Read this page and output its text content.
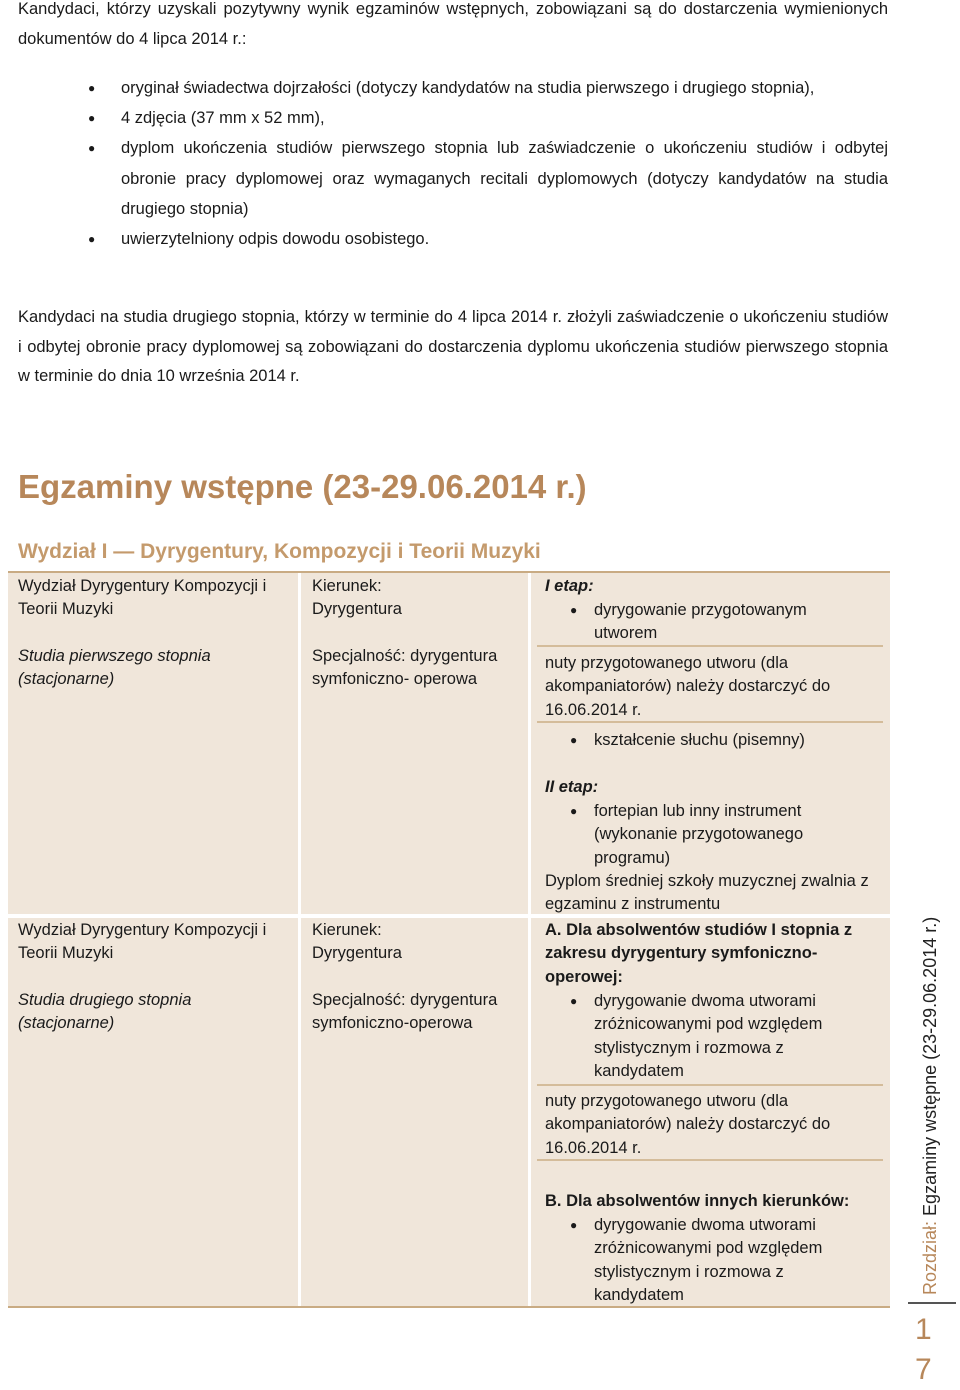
Kandydaci, którzy uzyskali pozytywny wynik egzaminów wstępnych, zobowiązani są do dostarczenia wymienionych dokumentów do 4 lipca 2014 r.:

● oryginał świadectwa dojrzałości (dotyczy kandydatów na studia pierwszego i drugiego stopnia),
● 4 zdjęcia (37 mm x 52 mm),
● dyplom ukończenia studiów pierwszego stopnia lub zaświadczenie o ukończeniu studiów i odbytej obronie pracy dyplomowej oraz wymaganych recitali dyplomowych (dotyczy kandydatów na studia drugiego stopnia)
● uwierzytelniony odpis dowodu osobistego.

Kandydaci na studia drugiego stopnia, którzy w terminie do 4 lipca 2014 r. złożyli zaświadczenie o ukończeniu studiów i odbytej obronie pracy dyplomowej są zobowiązani do dostarczenia dyplomu ukończenia studiów pierwszego stopnia w terminie do dnia 10 września 2014 r.

Egzaminy wstępne (23-29.06.2014 r.)
Wydział I — Dyrygentury, Kompozycji i Teorii Muzyki

Wydział Dyrygentury Kompozycji i Teorii Muzyki

Studia pierwszego stopnia (stacjonarne)

Kierunek: Dyrygentura

Specjalność: dyrygentura symfoniczno- operowa

I etap:

● dyrygowanie przygotowanym utworem

nuty przygotowanego utworu (dla akompaniatorów) należy dostarczyć do 16.06.2014 r.

● kształcenie słuchu (pisemny)

II etap:

● fortepian lub inny instrument (wykonanie przygotowanego programu)

Dyplom średniej szkoły muzycznej zwalnia z egzaminu z instrumentu

Wydział Dyrygentury Kompozycji i Teorii Muzyki

Studia drugiego stopnia (stacjonarne)

Kierunek: Dyrygentura

Specjalność: dyrygentura symfoniczno-operowa

A. Dla absolwentów studiów I stopnia z zakresu dyrygentury symfoniczno-operowej:

● dyrygowanie dwoma utworami zróżnicowanymi pod względem stylistycznym i rozmowa z kandydatem

nuty przygotowanego utworu (dla akompaniatorów) należy dostarczyć do 16.06.2014 r.

B. Dla absolwentów innych kierunków:

● dyrygowanie dwoma utworami zróżnicowanymi pod względem stylistycznym i rozmowa z kandydatem	Rozdział: Egzaminy wstępne (23-29.06.2014 r.)
1
7
